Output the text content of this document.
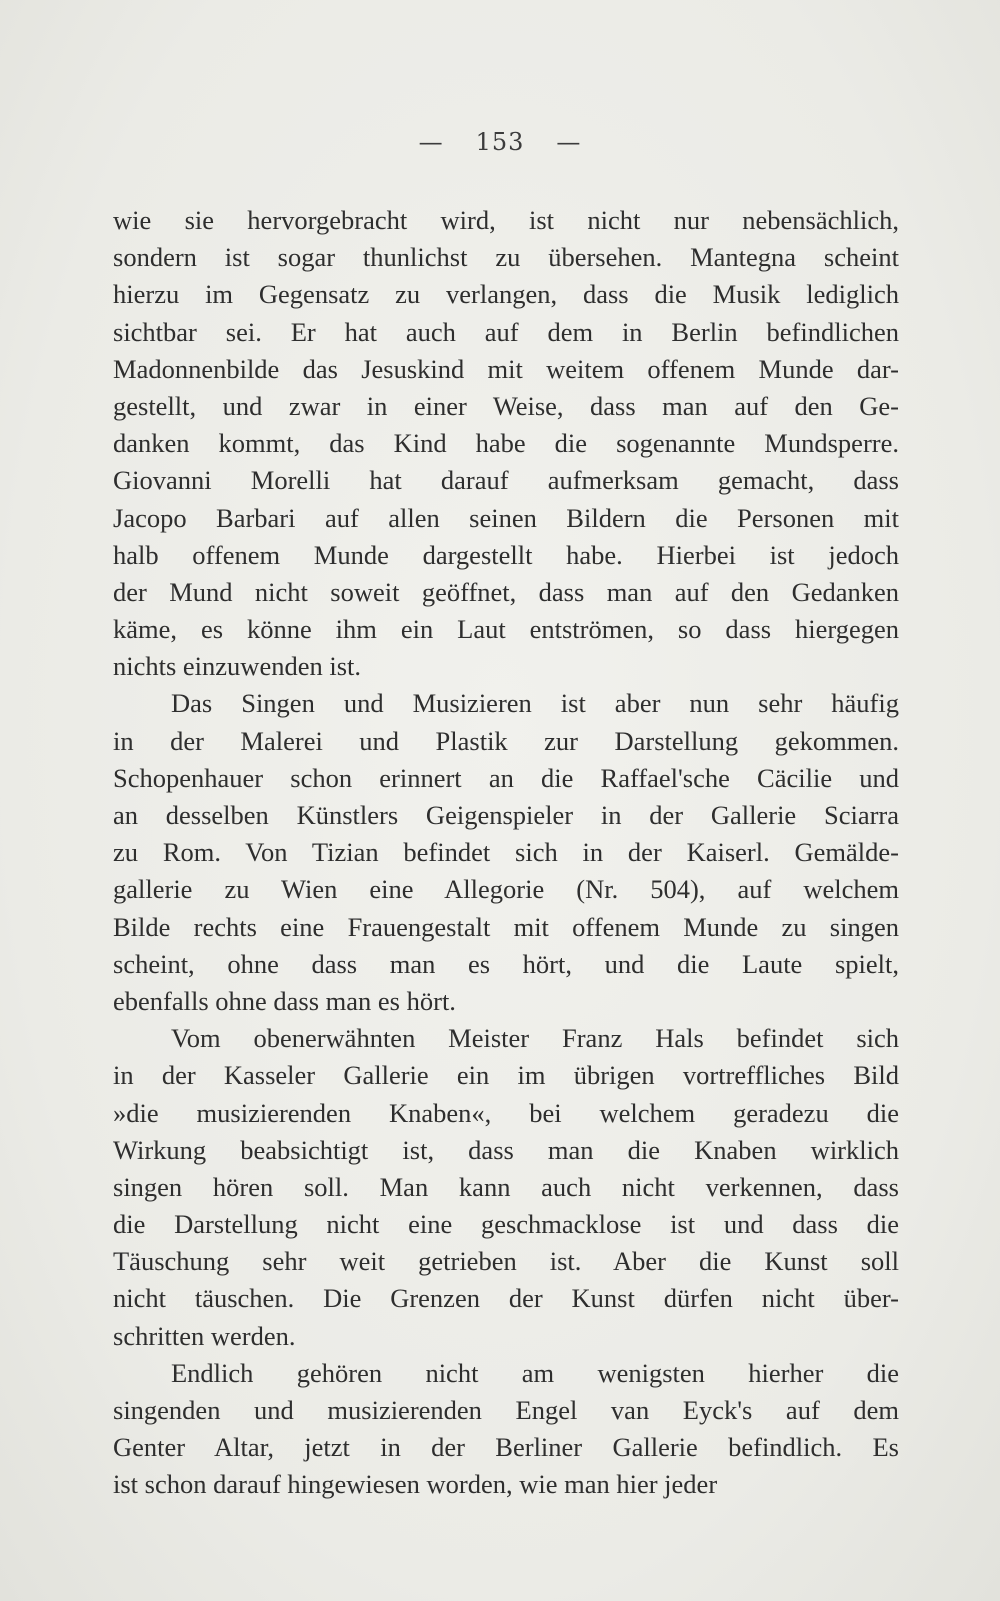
— 153 —

wie sie hervorgebracht wird, ist nicht nur nebensächlich,
sondern ist sogar thunlichst zu übersehen. Mantegna scheint
hierzu im Gegensatz zu verlangen, dass die Musik lediglich
sichtbar sei. Er hat auch auf dem in Berlin befindlichen
Madonnenbilde das Jesuskind mit weitem offenem Munde dar-
gestellt, und zwar in einer Weise, dass man auf den Ge-
danken kommt, das Kind habe die sogenannte Mundsperre.
Giovanni Morelli hat darauf aufmerksam gemacht, dass
Jacopo Barbari auf allen seinen Bildern die Personen mit
halb offenem Munde dargestellt habe. Hierbei ist jedoch
der Mund nicht soweit geöffnet, dass man auf den Gedanken
käme, es könne ihm ein Laut entströmen, so dass hiergegen
nichts einzuwenden ist.

Das Singen und Musizieren ist aber nun sehr häufig
in der Malerei und Plastik zur Darstellung gekommen.
Schopenhauer schon erinnert an die Raffael'sche Cäcilie und
an desselben Künstlers Geigenspieler in der Gallerie Sciarra
zu Rom. Von Tizian befindet sich in der Kaiserl. Gemälde-
gallerie zu Wien eine Allegorie (Nr. 504), auf welchem
Bilde rechts eine Frauengestalt mit offenem Munde zu singen
scheint, ohne dass man es hört, und die Laute spielt,
ebenfalls ohne dass man es hört.

Vom obenerwähnten Meister Franz Hals befindet sich
in der Kasseler Gallerie ein im übrigen vortreffliches Bild
»die musizierenden Knaben«, bei welchem geradezu die
Wirkung beabsichtigt ist, dass man die Knaben wirklich
singen hören soll. Man kann auch nicht verkennen, dass
die Darstellung nicht eine geschmacklose ist und dass die
Täuschung sehr weit getrieben ist. Aber die Kunst soll
nicht täuschen. Die Grenzen der Kunst dürfen nicht über-
schritten werden.

Endlich gehören nicht am wenigsten hierher die
singenden und musizierenden Engel van Eyck's auf dem
Genter Altar, jetzt in der Berliner Gallerie befindlich. Es
ist schon darauf hingewiesen worden, wie man hier jeder
